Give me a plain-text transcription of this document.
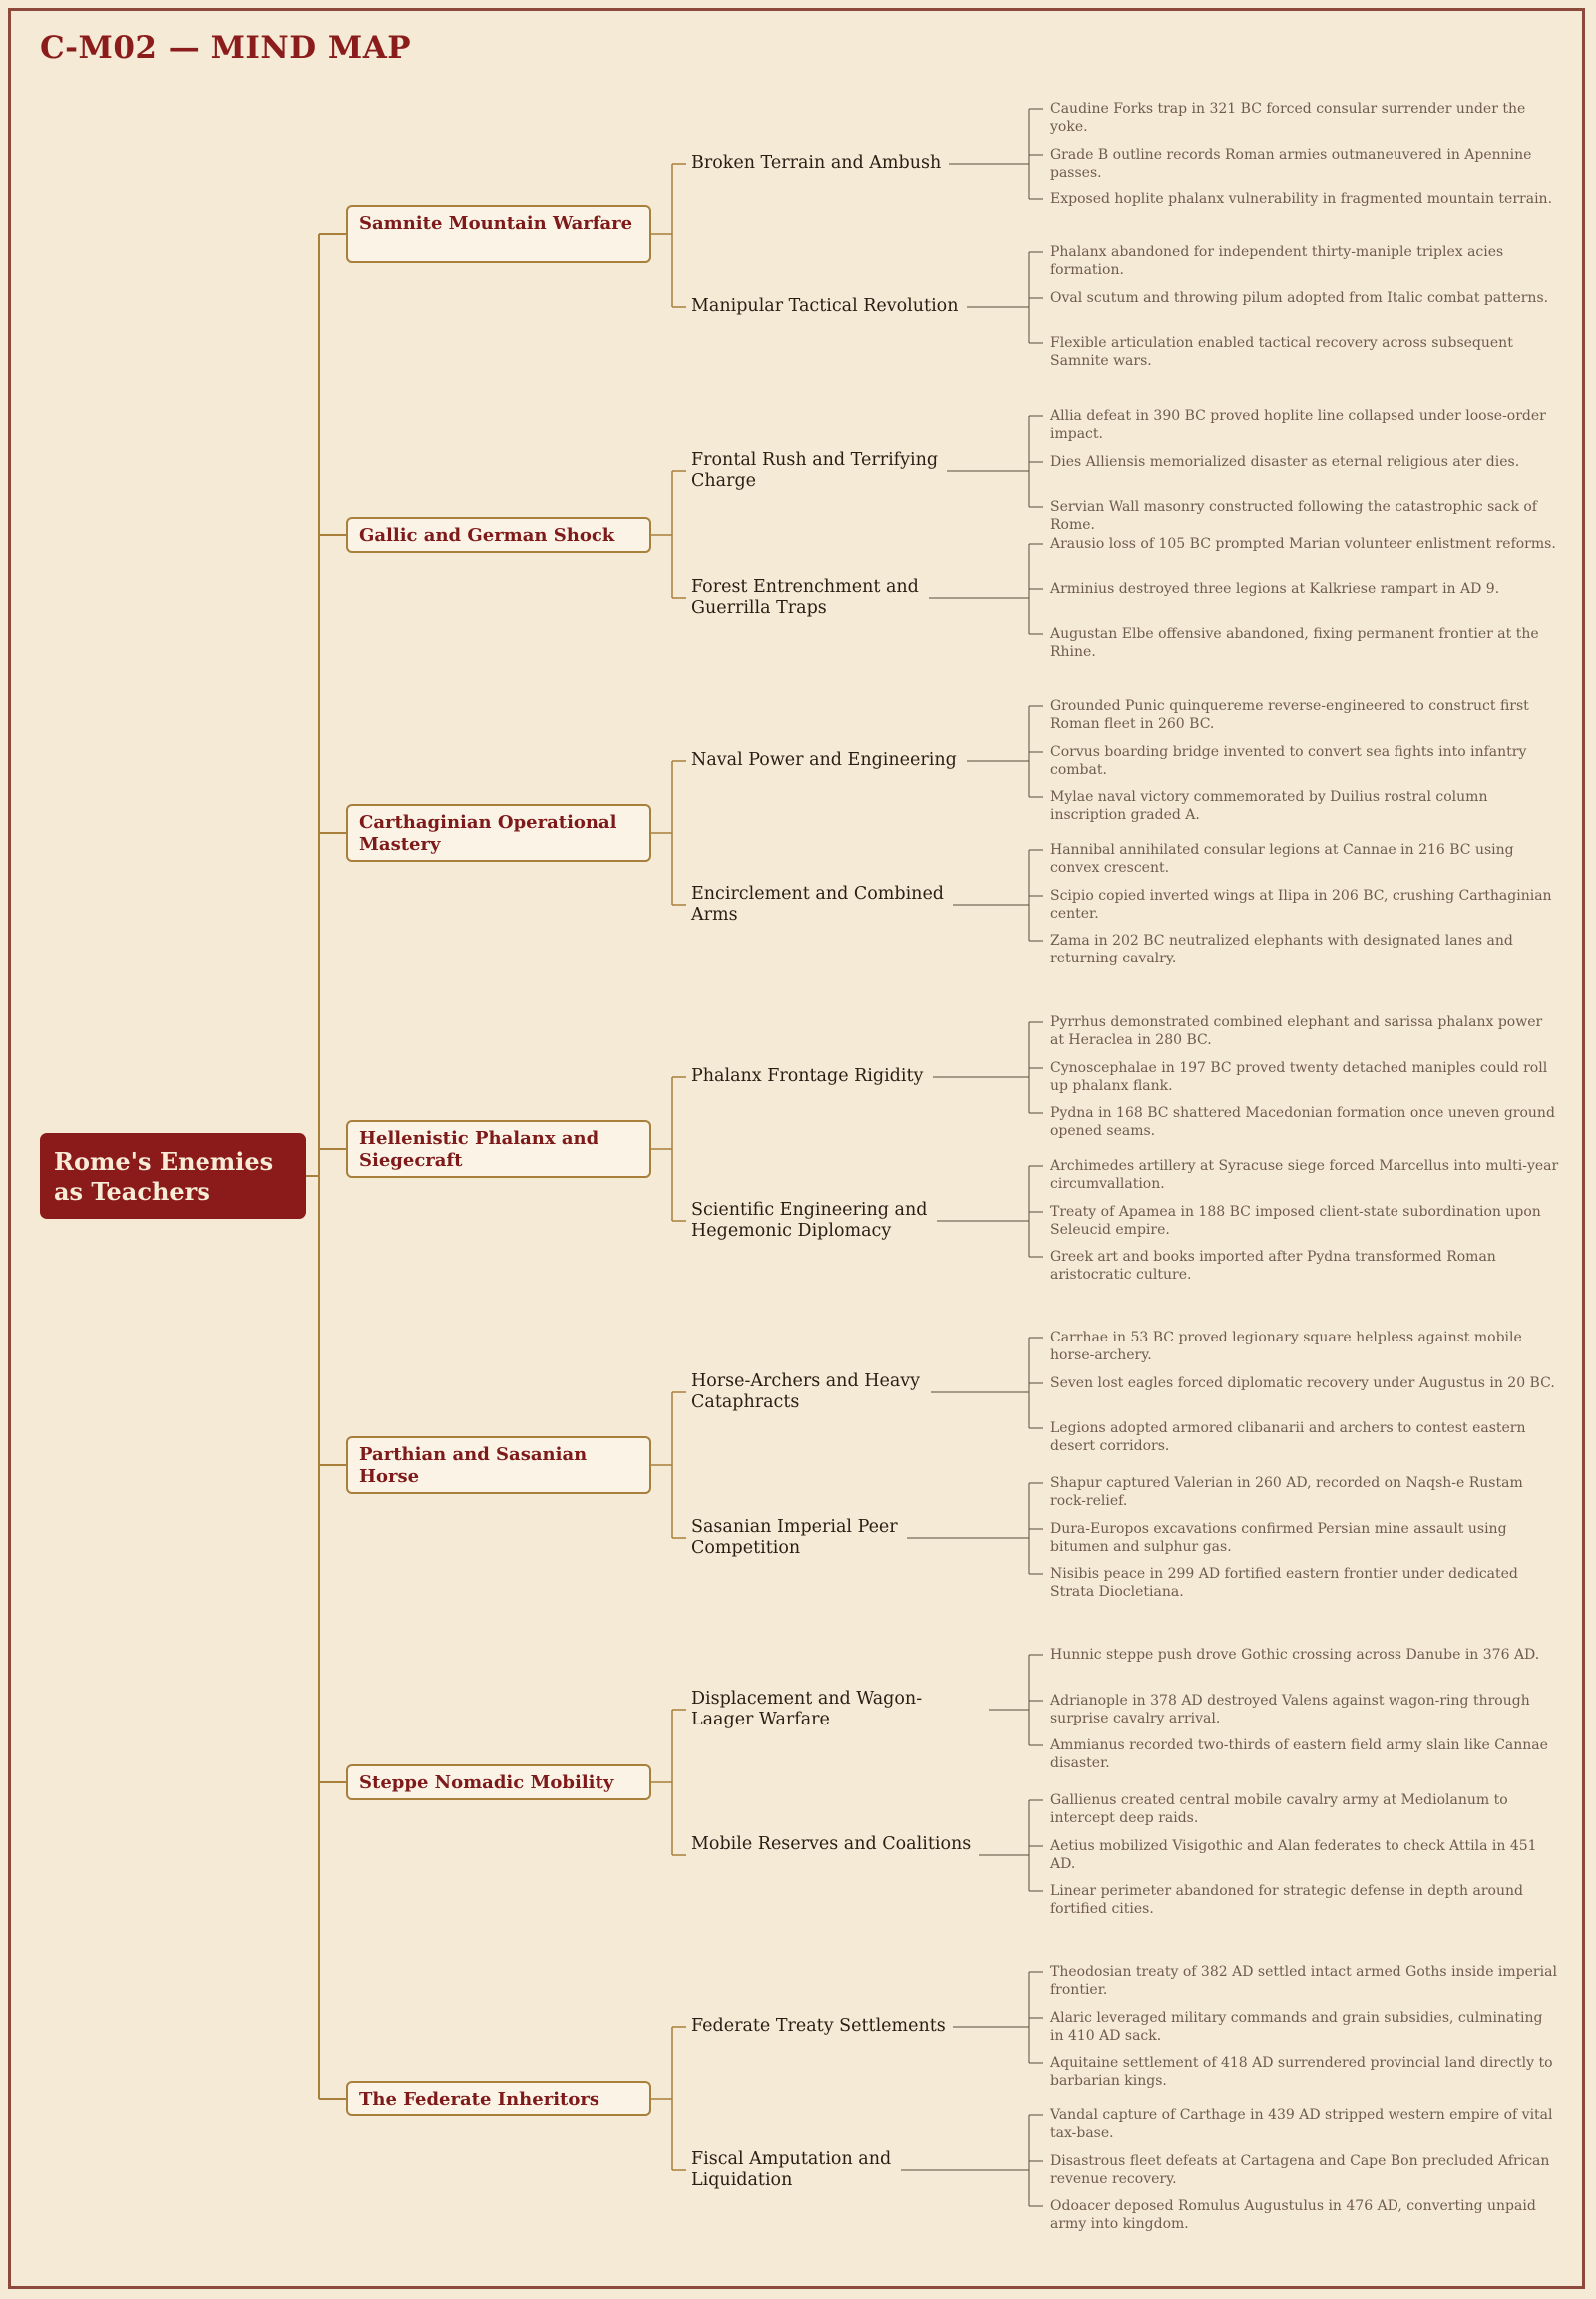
C-M02 — MIND MAP
Rome's Enemies as Teachers
Samnite Mountain Warfare
Broken Terrain and Ambush
Caudine Forks trap in 321 BC forced consular surrender under the yoke.
Grade B outline records Roman armies outmaneuvered in Apennine passes.
Exposed hoplite phalanx vulnerability in fragmented mountain terrain.
Manipular Tactical Revolution
Phalanx abandoned for independent thirty-maniple triplex acies formation.
Oval scutum and throwing pilum adopted from Italic combat patterns.
Flexible articulation enabled tactical recovery across subsequent Samnite wars.
Gallic and German Shock
Frontal Rush and Terrifying Charge
Allia defeat in 390 BC proved hoplite line collapsed under loose-order impact.
Dies Alliensis memorialized disaster as eternal religious ater dies.
Servian Wall masonry constructed following the catastrophic sack of Rome.
Forest Entrenchment and Guerrilla Traps
Arausio loss of 105 BC prompted Marian volunteer enlistment reforms.
Arminius destroyed three legions at Kalkriese rampart in AD 9.
Augustan Elbe offensive abandoned, fixing permanent frontier at the Rhine.
Carthaginian Operational Mastery
Naval Power and Engineering
Grounded Punic quinquereme reverse-engineered to construct first Roman fleet in 260 BC.
Corvus boarding bridge invented to convert sea fights into infantry combat.
Mylae naval victory commemorated by Duilius rostral column inscription graded A.
Encirclement and Combined Arms
Hannibal annihilated consular legions at Cannae in 216 BC using convex crescent.
Scipio copied inverted wings at Ilipa in 206 BC, crushing Carthaginian center.
Zama in 202 BC neutralized elephants with designated lanes and returning cavalry.
Hellenistic Phalanx and Siegecraft
Phalanx Frontage Rigidity
Pyrrhus demonstrated combined elephant and sarissa phalanx power at Heraclea in 280 BC.
Cynoscephalae in 197 BC proved twenty detached maniples could roll up phalanx flank.
Pydna in 168 BC shattered Macedonian formation once uneven ground opened seams.
Scientific Engineering and Hegemonic Diplomacy
Archimedes artillery at Syracuse siege forced Marcellus into multi-year circumvallation.
Treaty of Apamea in 188 BC imposed client-state subordination upon Seleucid empire.
Greek art and books imported after Pydna transformed Roman aristocratic culture.
Parthian and Sasanian Horse
Horse-Archers and Heavy Cataphracts
Carrhae in 53 BC proved legionary square helpless against mobile horse-archery.
Seven lost eagles forced diplomatic recovery under Augustus in 20 BC.
Legions adopted armored clibanarii and archers to contest eastern desert corridors.
Sasanian Imperial Peer Competition
Shapur captured Valerian in 260 AD, recorded on Naqsh-e Rustam rock-relief.
Dura-Europos excavations confirmed Persian mine assault using bitumen and sulphur gas.
Nisibis peace in 299 AD fortified eastern frontier under dedicated Strata Diocletiana.
Steppe Nomadic Mobility
Displacement and Wagon-Laager Warfare
Hunnic steppe push drove Gothic crossing across Danube in 376 AD.
Adrianople in 378 AD destroyed Valens against wagon-ring through surprise cavalry arrival.
Ammianus recorded two-thirds of eastern field army slain like Cannae disaster.
Mobile Reserves and Coalitions
Gallienus created central mobile cavalry army at Mediolanum to intercept deep raids.
Aetius mobilized Visigothic and Alan federates to check Attila in 451 AD.
Linear perimeter abandoned for strategic defense in depth around fortified cities.
The Federate Inheritors
Federate Treaty Settlements
Theodosian treaty of 382 AD settled intact armed Goths inside imperial frontier.
Alaric leveraged military commands and grain subsidies, culminating in 410 AD sack.
Aquitaine settlement of 418 AD surrendered provincial land directly to barbarian kings.
Fiscal Amputation and Liquidation
Vandal capture of Carthage in 439 AD stripped western empire of vital tax-base.
Disastrous fleet defeats at Cartagena and Cape Bon precluded African revenue recovery.
Odoacer deposed Romulus Augustulus in 476 AD, converting unpaid army into kingdom.
